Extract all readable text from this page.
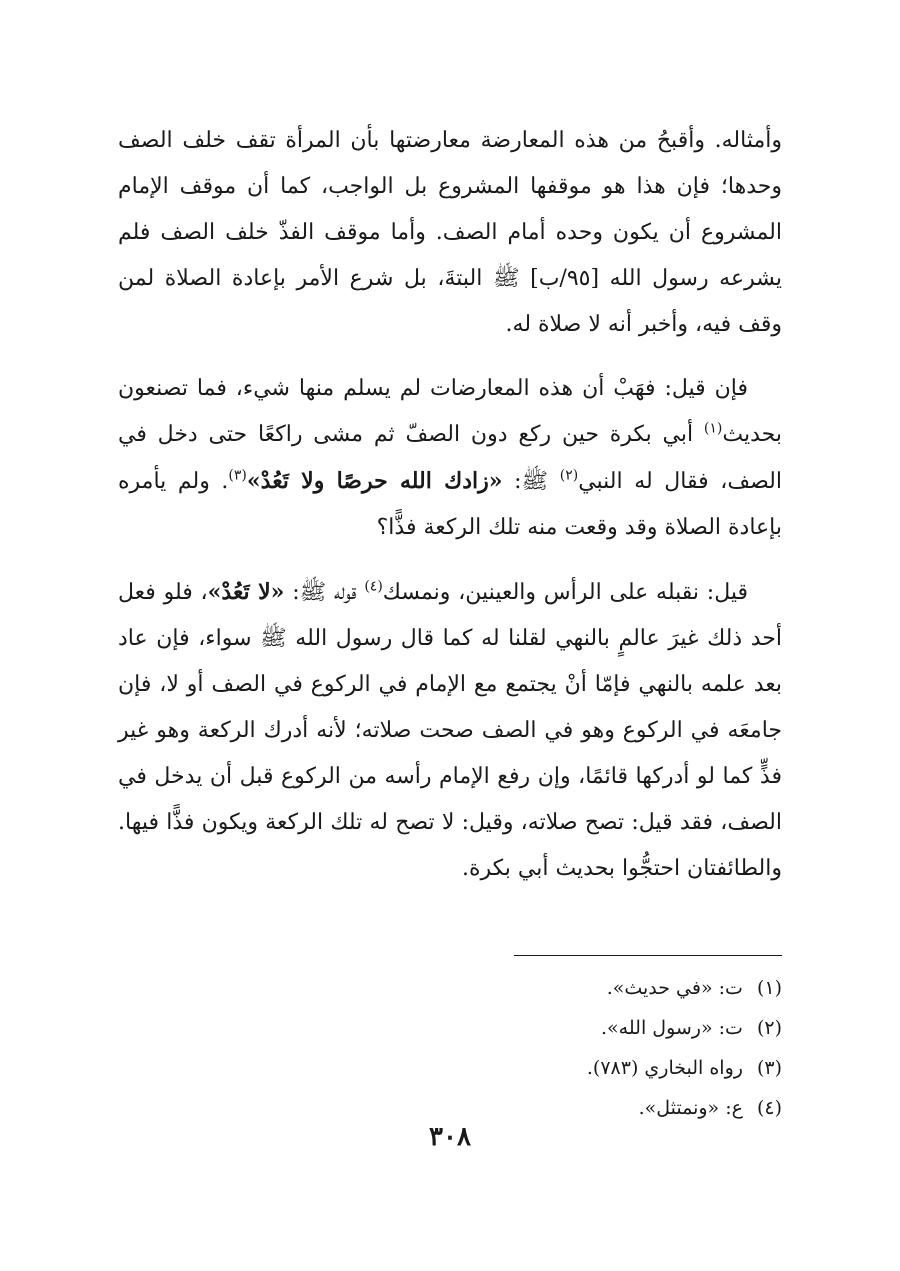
وأمثاله. وأقبحُ من هذه المعارضة معارضتها بأن المرأة تقف خلف الصف وحدها؛ فإن هذا هو موقفها المشروع بل الواجب، كما أن موقف الإمام المشروع أن يكون وحده أمام الصف. وأما موقف الفذّ خلف الصف فلم يشرعه رسول الله [٩٥/ب] ﷺ البتةَ، بل شرع الأمر بإعادة الصلاة لمن وقف فيه، وأخبر أنه لا صلاة له.

فإن قيل: فهَبْ أن هذه المعارضات لم يسلم منها شيء، فما تصنعون بحديث$^{(١)}$ أبي بكرة حين ركع دون الصفّ ثم مشى راكعًا حتى دخل في الصف، فقال له النبي$^{(٢)}$ ﷺ: «زادك الله حرصًا ولا تَعُدْ»$^{(٣)}$. ولم يأمره بإعادة الصلاة وقد وقعت منه تلك الركعة فذًّا؟

قيل: نقبله على الرأس والعينين، ونمسك$^{(٤)}$ قوله ﷺ: «لا تَعُدْ»، فلو فعل أحد ذلك غيرَ عالمٍ بالنهي لقلنا له كما قال رسول الله ﷺ سواء، فإن عاد بعد علمه بالنهي فإمّا أنْ يجتمع مع الإمام في الركوع في الصف أو لا، فإن جامعَه في الركوع وهو في الصف صحت صلاته؛ لأنه أدرك الركعة وهو غير فذٍّ كما لو أدركها قائمًا، وإن رفع الإمام رأسه من الركوع قبل أن يدخل في الصف، فقد قيل: تصح صلاته، وقيل: لا تصح له تلك الركعة ويكون فذًّا فيها. والطائفتان احتجُّوا بحديث أبي بكرة.

(١)ت: «في حديث».
(٢)ت: «رسول الله».
(٣)رواه البخاري (٧٨٣).
(٤)ع: «ونمتثل».
٣٠٨
